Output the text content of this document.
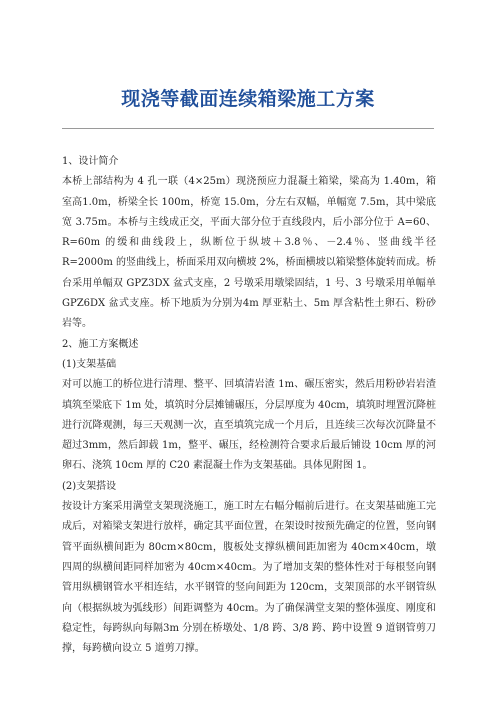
现浇等截面连续箱梁施工方案

1、设计简介

本桥上部结构为 4 孔一联（4×25m）现浇预应力混凝土箱梁，梁高为 1.40m，箱室高1.0m，桥梁全长 100m，桥宽 15.0m，分左右双幅，单幅宽 7.5m，其中梁底宽 3.75m。本桥与主线成正交，平面大部分位于直线段内，后小部分位于 A=60、R=60m 的缓和曲线段上，纵断位于纵坡＋3.8％、－2.4％、竖曲线半径 R=2000m 的竖曲线上，桥面采用双向横坡 2%，桥面横坡以箱梁整体旋转而成。桥台采用单幅双 GPZ3DX 盆式支座，2 号墩采用墩梁固结，1 号、3 号墩采用单幅单 GPZ6DX 盆式支座。桥下地质为分别为4m 厚亚粘土、5m 厚含粘性土卵石、粉砂岩等。

2、施工方案概述

(1)支架基础

对可以施工的桥位进行清理、整平、回填清岩渣 1m、碾压密实，然后用粉砂岩岩渣填筑至梁底下 1m 处，填筑时分层摊铺碾压，分层厚度为 40cm，填筑时埋置沉降桩进行沉降观测，每三天观测一次，直至填筑完成一个月后，且连续三次每次沉降量不超过3mm，然后卸载 1m，整平、碾压，经检测符合要求后最后铺设 10cm 厚的河卵石、浇筑 10cm 厚的 C20 素混凝土作为支架基础。具体见附图 1。

(2)支架搭设

按设计方案采用满堂支架现浇施工，施工时左右幅分幅前后进行。在支架基础施工完成后，对箱梁支架进行放样，确定其平面位置，在架设时按预先确定的位置，竖向钢管平面纵横间距为 80cm×80cm，腹板处支撑纵横间距加密为 40cm×40cm，墩四周的纵横间距同样加密为 40cm×40cm。为了增加支架的整体性对于每根竖向钢管用纵横钢管水平相连结，水平钢管的竖向间距为 120cm，支架顶部的水平钢管纵向（根据纵坡为弧线形）间距调整为 40cm。为了确保满堂支架的整体强度、刚度和稳定性，每跨纵向每隔3m 分别在桥墩处、1/8 跨、3/8 跨、跨中设置 9 道钢管剪刀撑，每跨横向设立 5 道剪刀撑。
